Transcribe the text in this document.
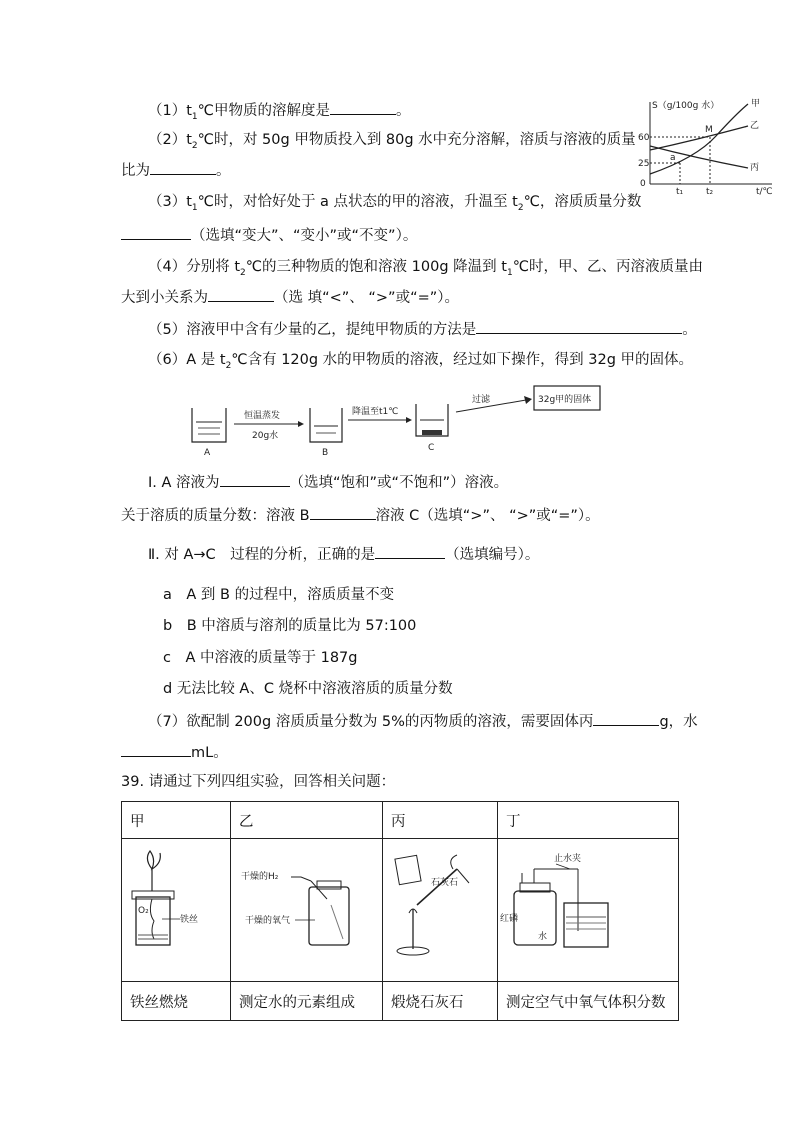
$(1)t_1℃$甲物质的溶解度是	。
$(2)t_2℃$时，对 50g 甲物质投入到 80g 水中充分溶解，溶质与溶液的质量
比为	。
$(3)t_1℃$时，对恰好处于 a 点状态的甲的溶液，升温至 $t_2℃$，溶质质量分数
（选填“变大”、“变小”或“不变”）。
（4）分别将 $t_2℃$的三种物质的饱和溶液 100g 降温到 $t_1℃$时，甲、乙、丙溶液质量由
大到小关系为	（选 填“<”、 “>”或“=”）。
（5）溶液甲中含有少量的乙，提纯甲物质的方法是	。
（6）A 是 $t_2℃$含有 120g 水的甲物质的溶液，经过如下操作，得到 32g 甲的固体。
S（g/100g 水）
t/℃
60
25
0
t₁	t₂
甲
乙
丙
M
a
A
恒温蒸发
20g水
B
降温至t1℃
C
过滤	32g甲的固体
Ⅰ. A 溶液为	（选填“饱和”或“不饱和”）溶液。
关于溶质的质量分数：溶液 B	溶液 C（选填“>”、 “>”或“=”）。
Ⅱ. 对 A→C　过程的分析，正确的是	（选填编号）。
a　A 到 B 的过程中，溶质质量不变
b　B 中溶质与溶剂的质量比为 57:100
c　A 中溶液的质量等于 187g
d 无法比较 A、C 烧杯中溶液溶质的质量分数
（7）欲配制 200g 溶质质量分数为 5%的丙物质的溶液，需要固体丙	g，水
mL。
39. 请通过下列四组实验，回答相关问题：
甲	乙	丙	丁

O₂
铁丝	干燥的H₂
干燥的氧气	石灰石	止水夹
红磷
水

铁丝燃烧	测定水的元素组成	煅烧石灰石	测定空气中氧气体积分数
